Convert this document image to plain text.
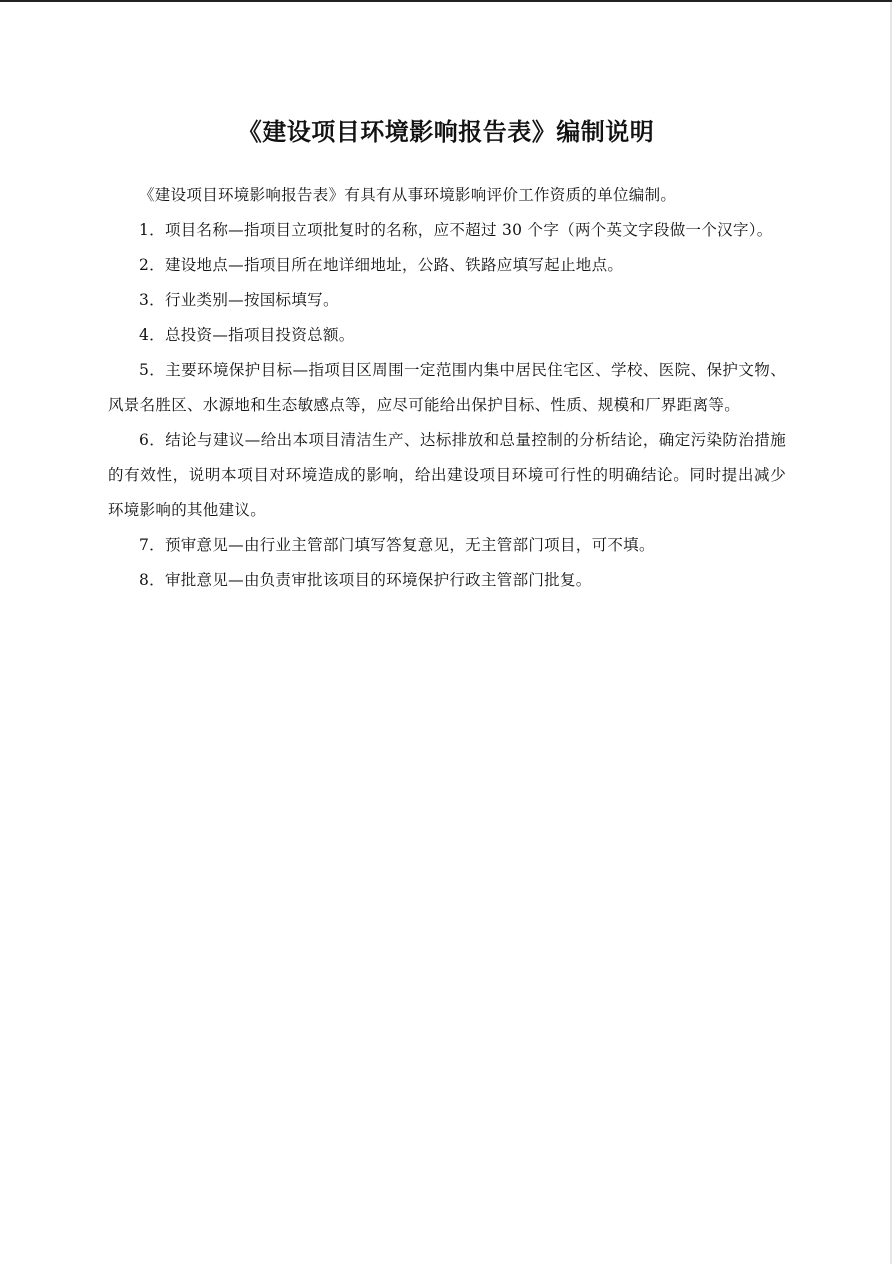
《建设项目环境影响报告表》编制说明

《建设项目环境影响报告表》有具有从事环境影响评价工作资质的单位编制。

1．项目名称—指项目立项批复时的名称，应不超过 30 个字（两个英文字段做一个汉字）。

2．建设地点—指项目所在地详细地址，公路、铁路应填写起止地点。

3．行业类别—按国标填写。

4．总投资—指项目投资总额。

5．主要环境保护目标—指项目区周围一定范围内集中居民住宅区、学校、医院、保护文物、风景名胜区、水源地和生态敏感点等，应尽可能给出保护目标、性质、规模和厂界距离等。

6．结论与建议—给出本项目清洁生产、达标排放和总量控制的分析结论，确定污染防治措施的有效性，说明本项目对环境造成的影响，给出建设项目环境可行性的明确结论。同时提出减少环境影响的其他建议。

7．预审意见—由行业主管部门填写答复意见，无主管部门项目，可不填。

8．审批意见—由负责审批该项目的环境保护行政主管部门批复。
